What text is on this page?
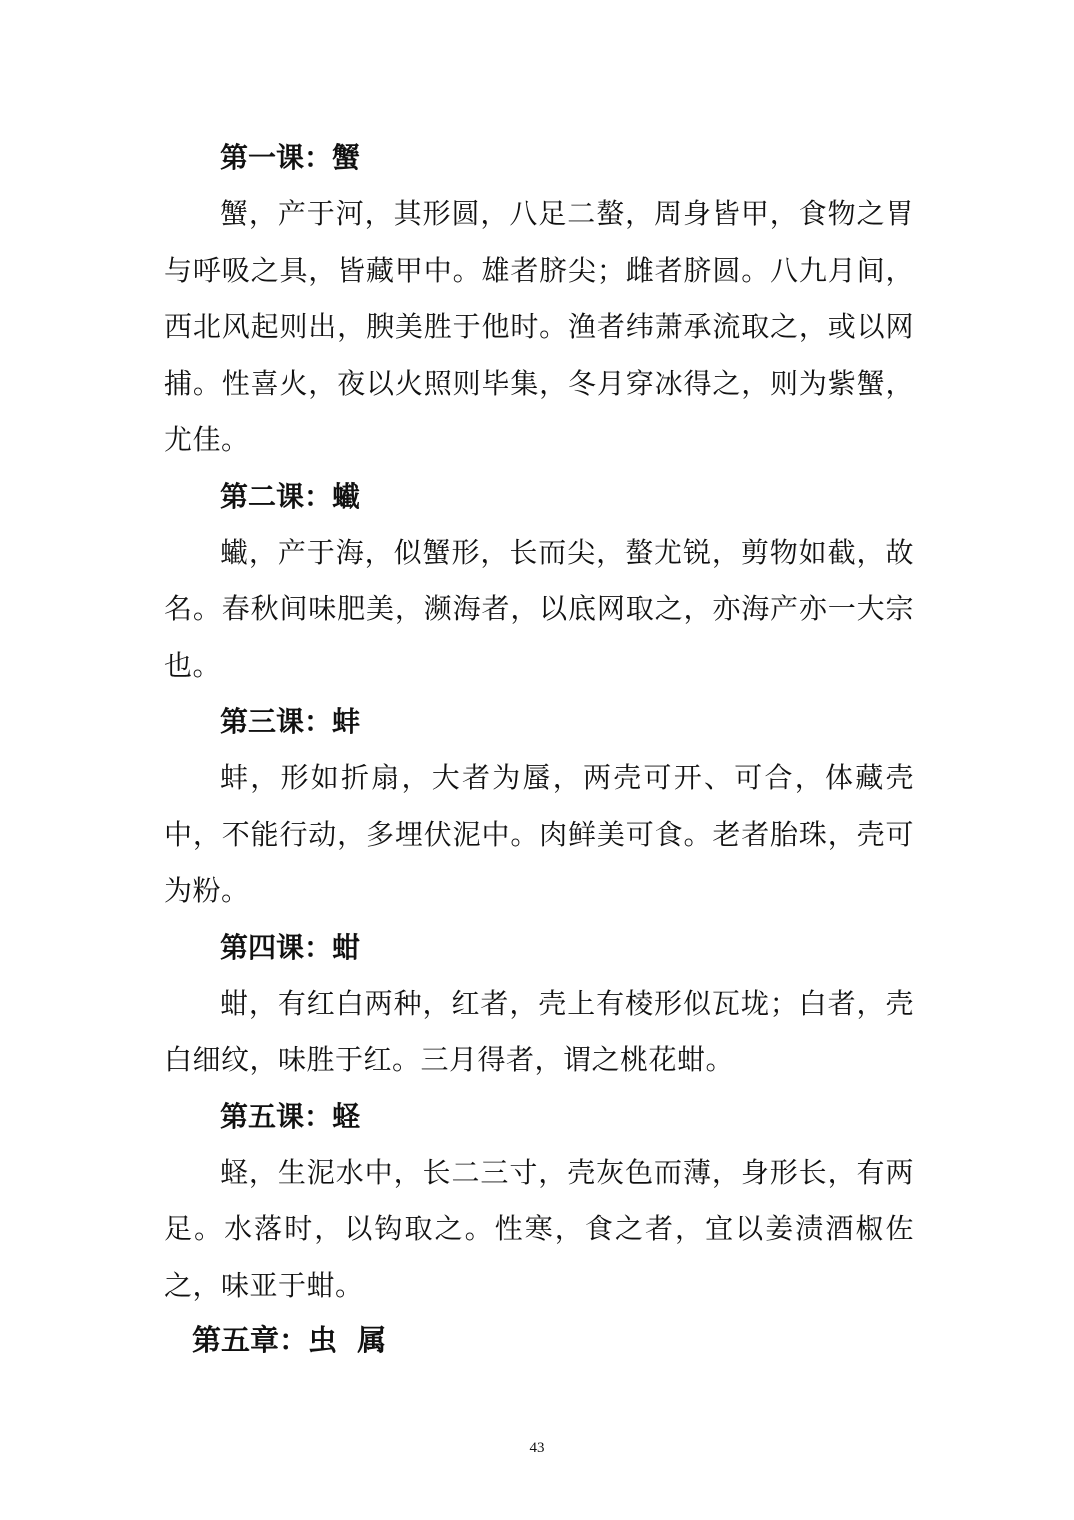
第一课：蟹

蟹，产于河，其形圆，八足二螯，周身皆甲，食物之胃与呼吸之具，皆藏甲中。雄者脐尖；雌者脐圆。八九月间，西北风起则出，腴美胜于他时。渔者纬萧承流取之，或以网捕。性喜火，夜以火照则毕集，冬月穿冰得之，则为紫蟹，尤佳。

第二课：蠘

蠘，产于海，似蟹形，长而尖，螯尤锐，剪物如截，故名。春秋间味肥美，濒海者，以底网取之，亦海产亦一大宗也。

第三课：蚌

蚌，形如折扇，大者为蜃，两壳可开、可合，体藏壳中，不能行动，多埋伏泥中。肉鲜美可食。老者胎珠，壳可为粉。

第四课：蚶

蚶，有红白两种，红者，壳上有棱形似瓦垅；白者，壳白细纹，味胜于红。三月得者，谓之桃花蚶。

第五课：蛏

蛏，生泥水中，长二三寸，壳灰色而薄，身形长，有两足。水落时，以钩取之。性寒，食之者，宜以姜渍酒椒佐之，味亚于蚶。

第五章：虫  属
43
